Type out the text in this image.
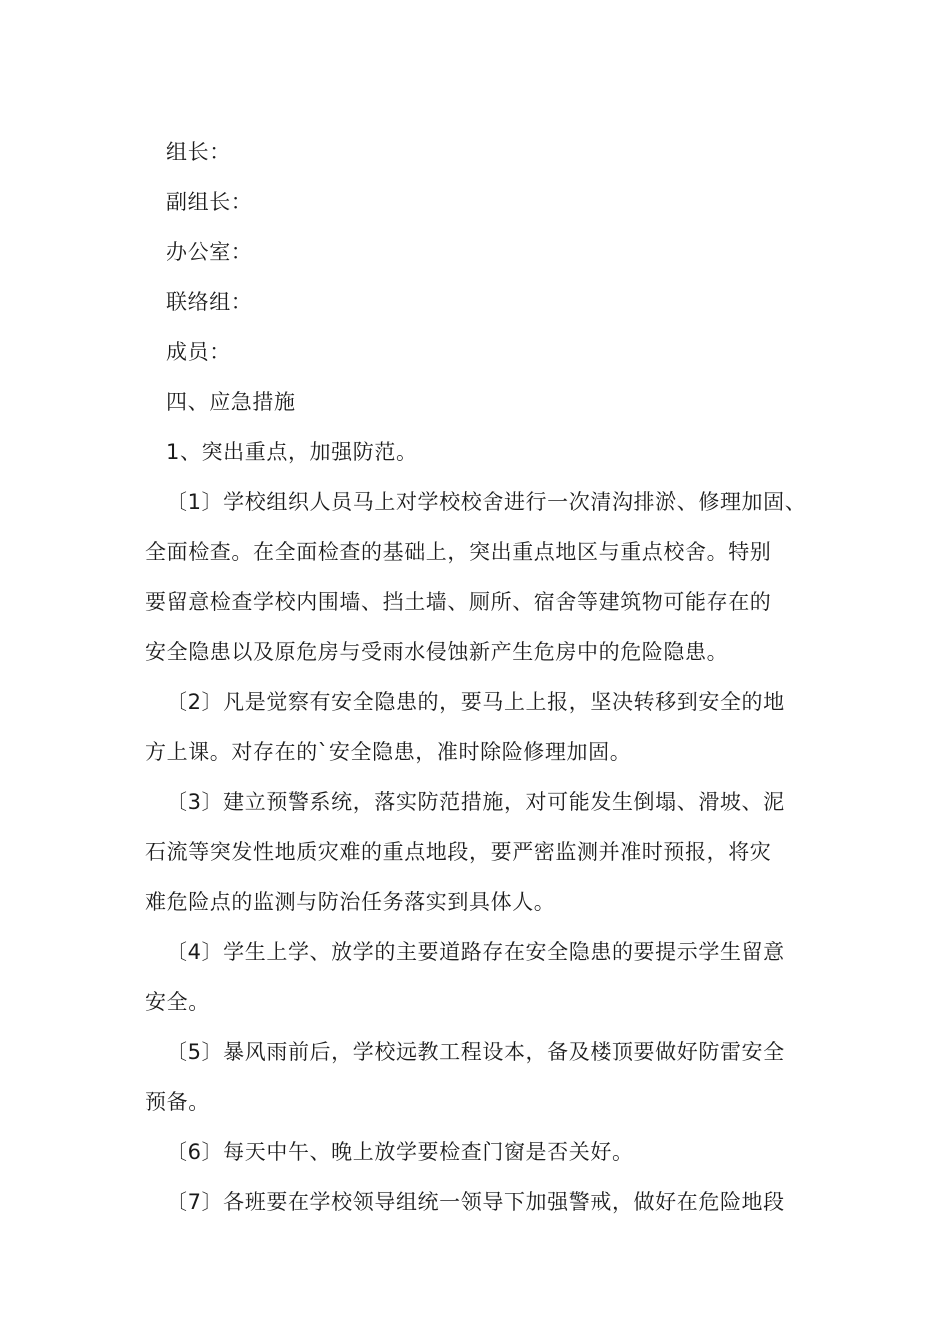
组长：
副组长：
办公室：
联络组：
成员：
四、应急措施
1、突出重点，加强防范。
〔1〕学校组织人员马上对学校校舍进行一次清沟排淤、修理加固、
全面检查。在全面检查的基础上，突出重点地区与重点校舍。特别
要留意检查学校内围墙、挡土墙、厕所、宿舍等建筑物可能存在的
安全隐患以及原危房与受雨水侵蚀新产生危房中的危险隐患。
〔2〕凡是觉察有安全隐患的，要马上上报，坚决转移到安全的地
方上课。对存在的`安全隐患，准时除险修理加固。
〔3〕建立预警系统，落实防范措施，对可能发生倒塌、滑坡、泥
石流等突发性地质灾难的重点地段，要严密监测并准时预报，将灾
难危险点的监测与防治任务落实到具体人。
〔4〕学生上学、放学的主要道路存在安全隐患的要提示学生留意
安全。
〔5〕暴风雨前后，学校远教工程设本，备及楼顶要做好防雷安全
预备。
〔6〕每天中午、晚上放学要检查门窗是否关好。
〔7〕各班要在学校领导组统一领导下加强警戒，做好在危险地段
